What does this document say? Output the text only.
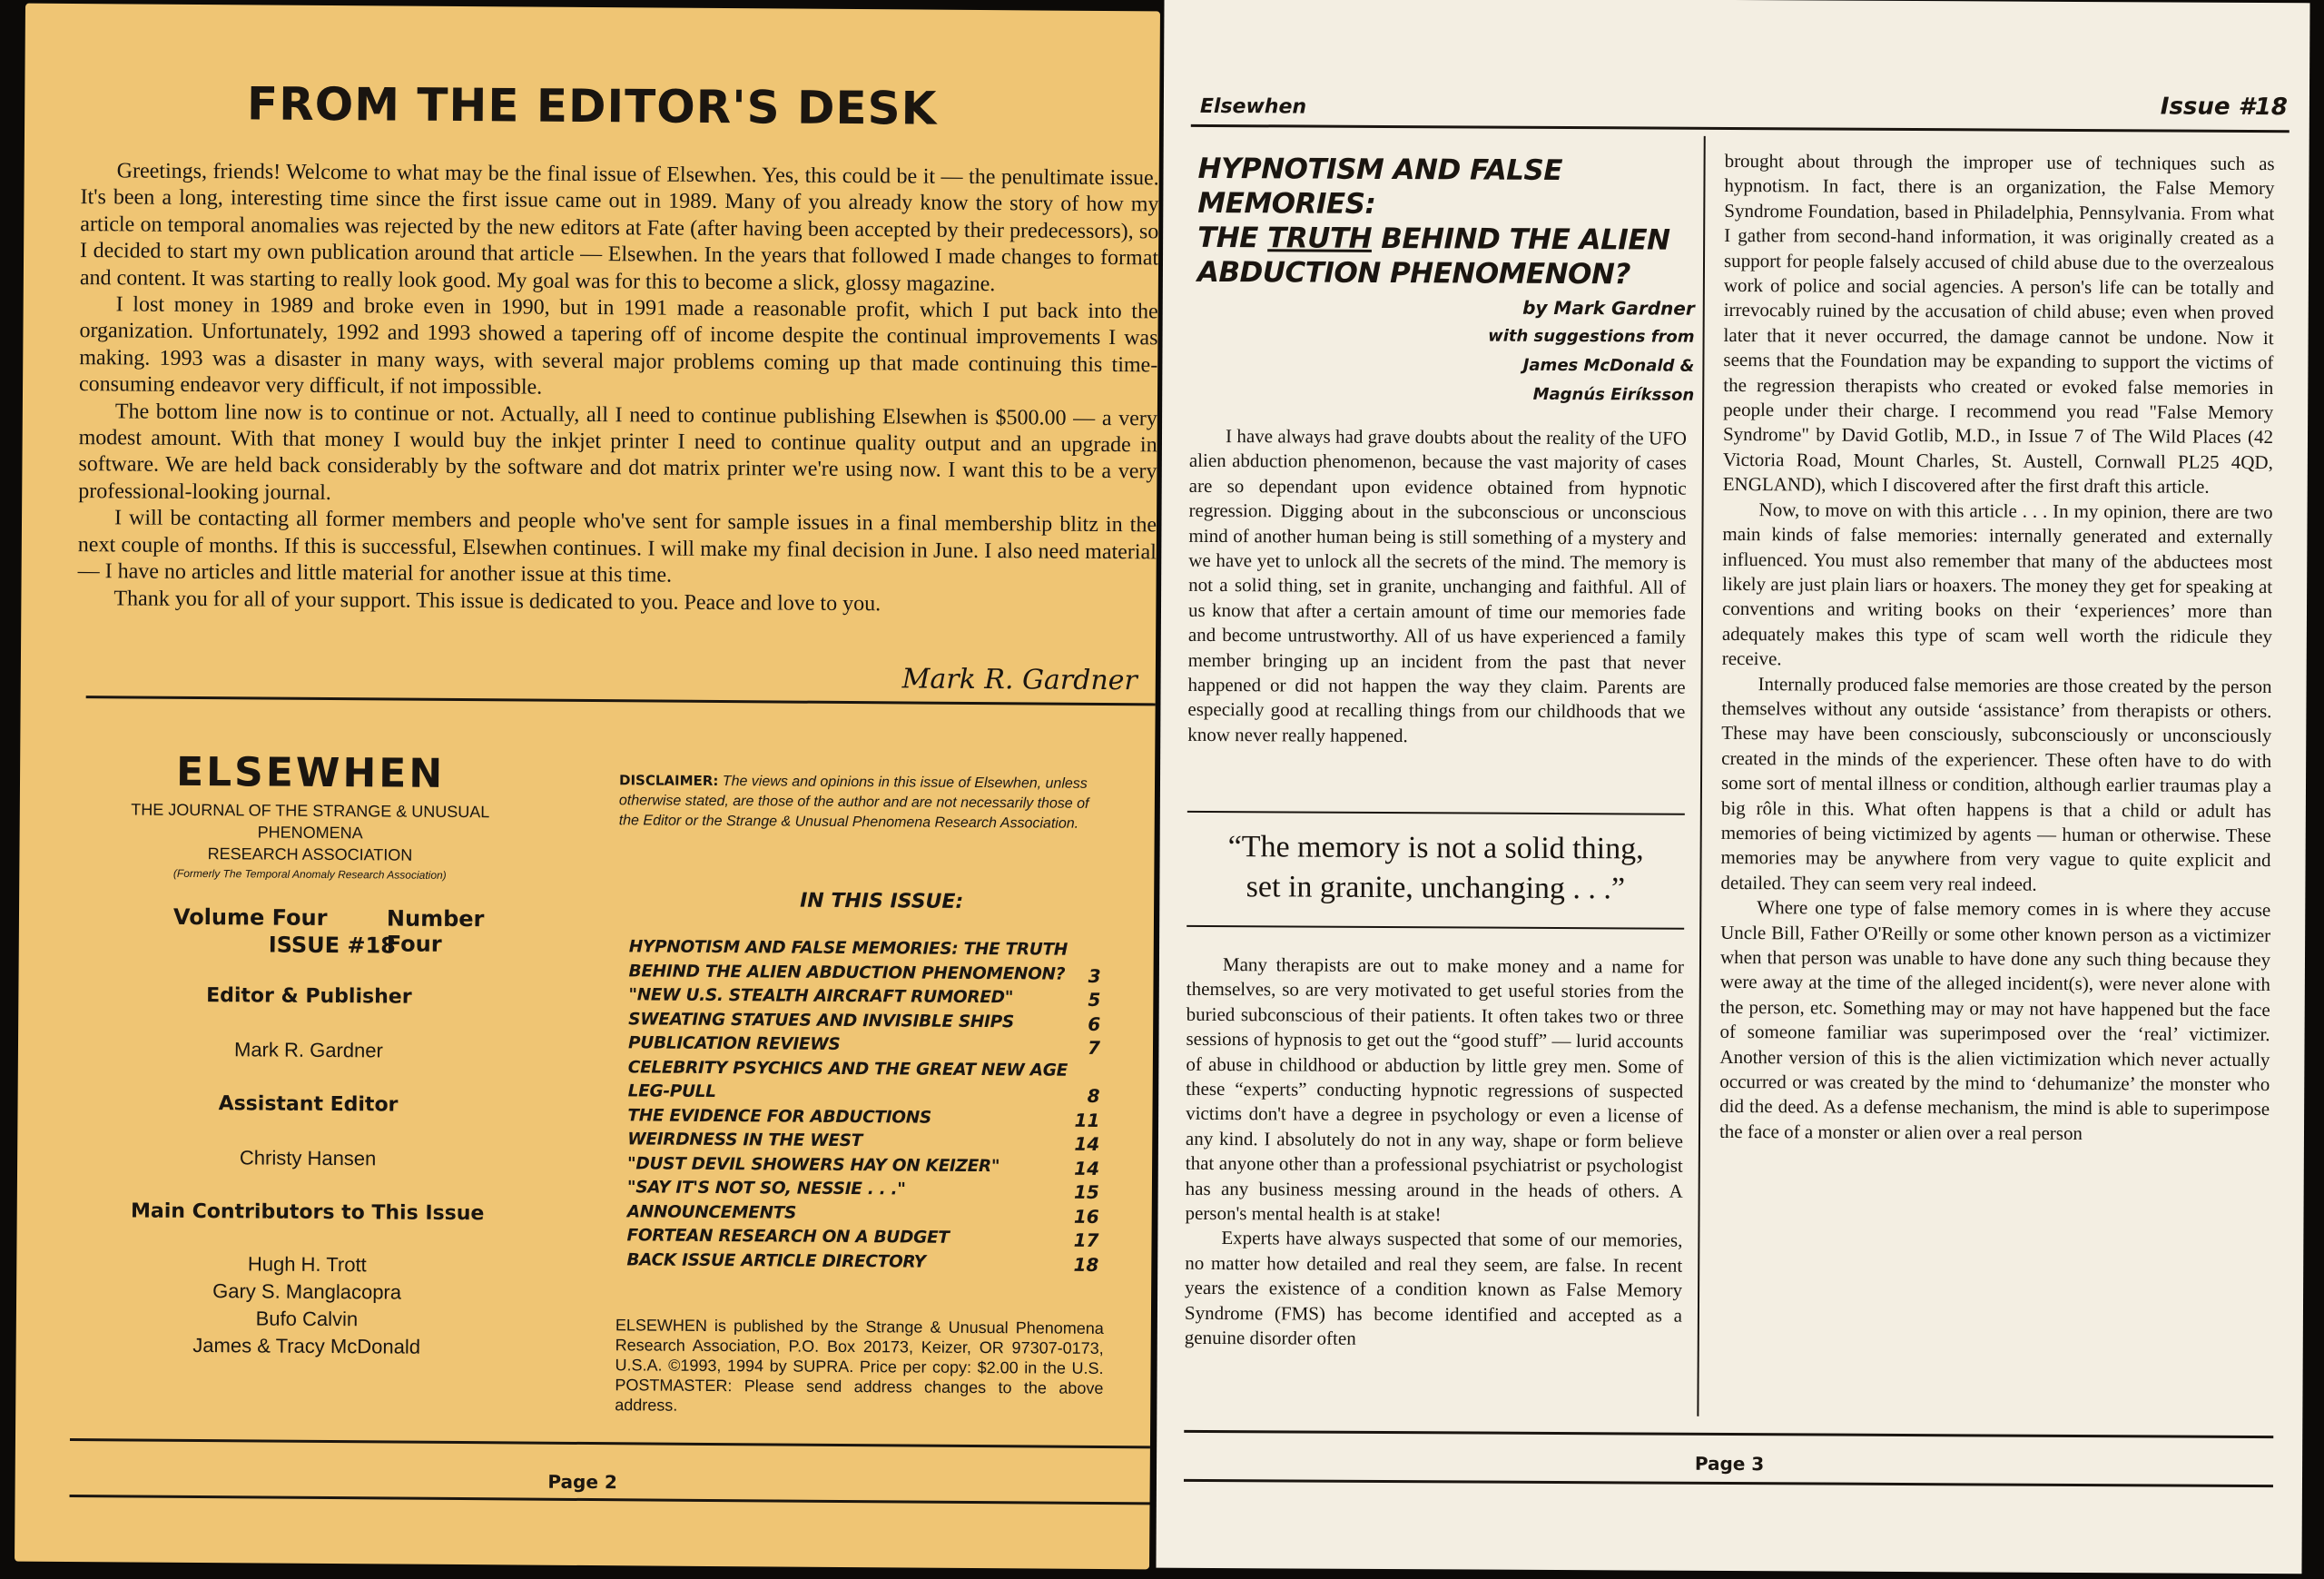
FROM THE EDITOR'S DESK

Greetings, friends! Welcome to what may be the final issue of Elsewhen. Yes, this could be it — the penultimate issue. It's been a long, interesting time since the first issue came out in 1989. Many of you already know the story of how my article on temporal anomalies was rejected by the new editors at Fate (after having been accepted by their predecessors), so I decided to start my own publication around that article — Elsewhen. In the years that followed I made changes to format and content. It was starting to really look good. My goal was for this to become a slick, glossy magazine.

I lost money in 1989 and broke even in 1990, but in 1991 made a reasonable profit, which I put back into the organization. Unfortunately, 1992 and 1993 showed a tapering off of income despite the continual improvements I was making. 1993 was a disaster in many ways, with several major problems coming up that made continuing this time-consuming endeavor very difficult, if not impossible.

The bottom line now is to continue or not. Actually, all I need to continue publishing Elsewhen is $500.00 — a very modest amount. With that money I would buy the inkjet printer I need to continue quality output and an upgrade in software. We are held back considerably by the software and dot matrix printer we're using now. I want this to be a very professional-looking journal.

I will be contacting all former members and people who've sent for sample issues in a final membership blitz in the next couple of months. If this is successful, Elsewhen continues. I will make my final decision in June. I also need material — I have no articles and little material for another issue at this time.

Thank you for all of your support. This issue is dedicated to you. Peace and love to you.

Mark R. Gardner
ELSEWHEN
THE JOURNAL OF THE STRANGE & UNUSUAL PHENOMENA
RESEARCH ASSOCIATION
(Formerly The Temporal Anomaly Research Association)
Volume Four	Number Four
ISSUE #18
Editor & Publisher
Mark R. Gardner
Assistant Editor
Christy Hansen
Main Contributors to This Issue
Hugh H. Trott
Gary S. Manglacopra
Bufo Calvin
James & Tracy McDonald
DISCLAIMER: The views and opinions in this issue of Elsewhen, unless otherwise stated, are those of the author and are not necessarily those of the Editor or the Strange & Unusual Phenomena Research Association.
IN THIS ISSUE:
HYPNOTISM AND FALSE MEMORIES: THE TRUTH
BEHIND THE ALIEN ABDUCTION PHENOMENON?	3
"NEW U.S. STEALTH AIRCRAFT RUMORED"	5
SWEATING STATUES AND INVISIBLE SHIPS	6
PUBLICATION REVIEWS	7
CELEBRITY PSYCHICS AND THE GREAT NEW AGE
LEG-PULL	8
THE EVIDENCE FOR ABDUCTIONS	11
WEIRDNESS IN THE WEST	14
"DUST DEVIL SHOWERS HAY ON KEIZER"	14
"SAY IT'S NOT SO, NESSIE . . ."	15
ANNOUNCEMENTS	16
FORTEAN RESEARCH ON A BUDGET	17
BACK ISSUE ARTICLE DIRECTORY	18
ELSEWHEN is published by the Strange & Unusual Phenomena Research Association, P.O. Box 20173, Keizer, OR 97307-0173, U.S.A. ©1993, 1994 by SUPRA. Price per copy: $2.00 in the U.S. POSTMASTER: Please send address changes to the above address.
Page 2
Elsewhen	Issue #18
HYPNOTISM AND FALSE MEMORIES:
THE TRUTH BEHIND THE ALIEN
ABDUCTION PHENOMENON?
by Mark Gardner
with suggestions from
James McDonald &
Magnús Eiríksson

I have always had grave doubts about the reality of the UFO alien abduction phenomenon, because the vast majority of cases are so dependant upon evidence obtained from hypnotic regression. Digging about in the subconscious or unconscious mind of another human being is still something of a mystery and we have yet to unlock all the secrets of the mind. The memory is not a solid thing, set in granite, unchanging and faithful. All of us know that after a certain amount of time our memories fade and become untrustworthy. All of us have experienced a family member bringing up an incident from the past that never happened or did not happen the way they claim. Parents are especially good at recalling things from our childhoods that we know never really happened.

“The memory is not a solid thing,
set in granite, unchanging . . .”

Many therapists are out to make money and a name for themselves, so are very motivated to get useful stories from the buried subconscious of their patients. It often takes two or three sessions of hypnosis to get out the “good stuff” — lurid accounts of abuse in childhood or abduction by little grey men. Some of these “experts” conducting hypnotic regressions of suspected victims don't have a degree in psychology or even a license of any kind. I absolutely do not in any way, shape or form believe that anyone other than a professional psychiatrist or psychologist has any business messing around in the heads of others. A person's mental health is at stake!

Experts have always suspected that some of our memories, no matter how detailed and real they seem, are false. In recent years the existence of a condition known as False Memory Syndrome (FMS) has become identified and accepted as a genuine disorder often

brought about through the improper use of techniques such as hypnotism. In fact, there is an organization, the False Memory Syndrome Foundation, based in Philadelphia, Pennsylvania. From what I gather from second-hand information, it was originally created as a support for people falsely accused of child abuse due to the overzealous work of police and social agencies. A person's life can be totally and irrevocably ruined by the accusation of child abuse; even when proved later that it never occurred, the damage cannot be undone. Now it seems that the Foundation may be expanding to support the victims of the regression therapists who created or evoked false memories in people under their charge. I recommend you read "False Memory Syndrome" by David Gotlib, M.D., in Issue 7 of The Wild Places (42 Victoria Road, Mount Charles, St. Austell, Cornwall PL25 4QD, ENGLAND), which I discovered after the first draft this article.

Now, to move on with this article . . . In my opinion, there are two main kinds of false memories: internally generated and externally influenced. You must also remember that many of the abductees most likely are just plain liars or hoaxers. The money they get for speaking at conventions and writing books on their ‘experiences’ more than adequately makes this type of scam well worth the ridicule they receive.

Internally produced false memories are those created by the person themselves without any outside ‘assistance’ from therapists or others. These may have been consciously, subconsciously or unconsciously created in the minds of the experiencer. These often have to do with some sort of mental illness or condition, although earlier traumas play a big rôle in this. What often happens is that a child or adult has memories of being victimized by agents — human or otherwise. These memories may be anywhere from very vague to quite explicit and detailed. They can seem very real indeed.

Where one type of false memory comes in is where they accuse Uncle Bill, Father O'Reilly or some other known person as a victimizer when that person was unable to have done any such thing because they were away at the time of the alleged incident(s), were never alone with the person, etc. Something may or may not have happened but the face of someone familiar was superimposed over the ‘real’ victimizer. Another version of this is the alien victimization which never actually occurred or was created by the mind to ‘dehumanize’ the monster who did the deed. As a defense mechanism, the mind is able to superimpose the face of a monster or alien over a real person

Page 3
